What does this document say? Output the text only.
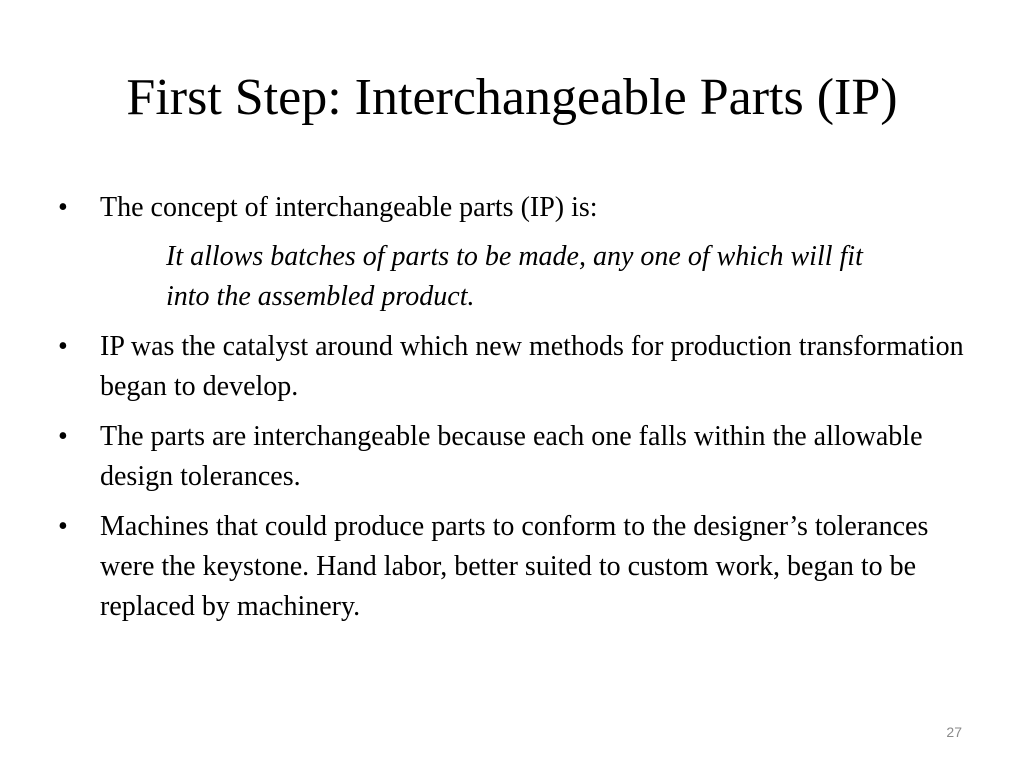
First Step: Interchangeable Parts (IP)
• The concept of interchangeable parts (IP) is:
It allows batches of parts to be made, any one of which will fit into the assembled product.
• IP was the catalyst around which new methods for production transformation began to develop.
• The parts are interchangeable because each one falls within the allowable design tolerances.
• Machines that could produce parts to conform to the designer’s tolerances were the keystone. Hand labor, better suited to custom work, began to be replaced by machinery.
27
